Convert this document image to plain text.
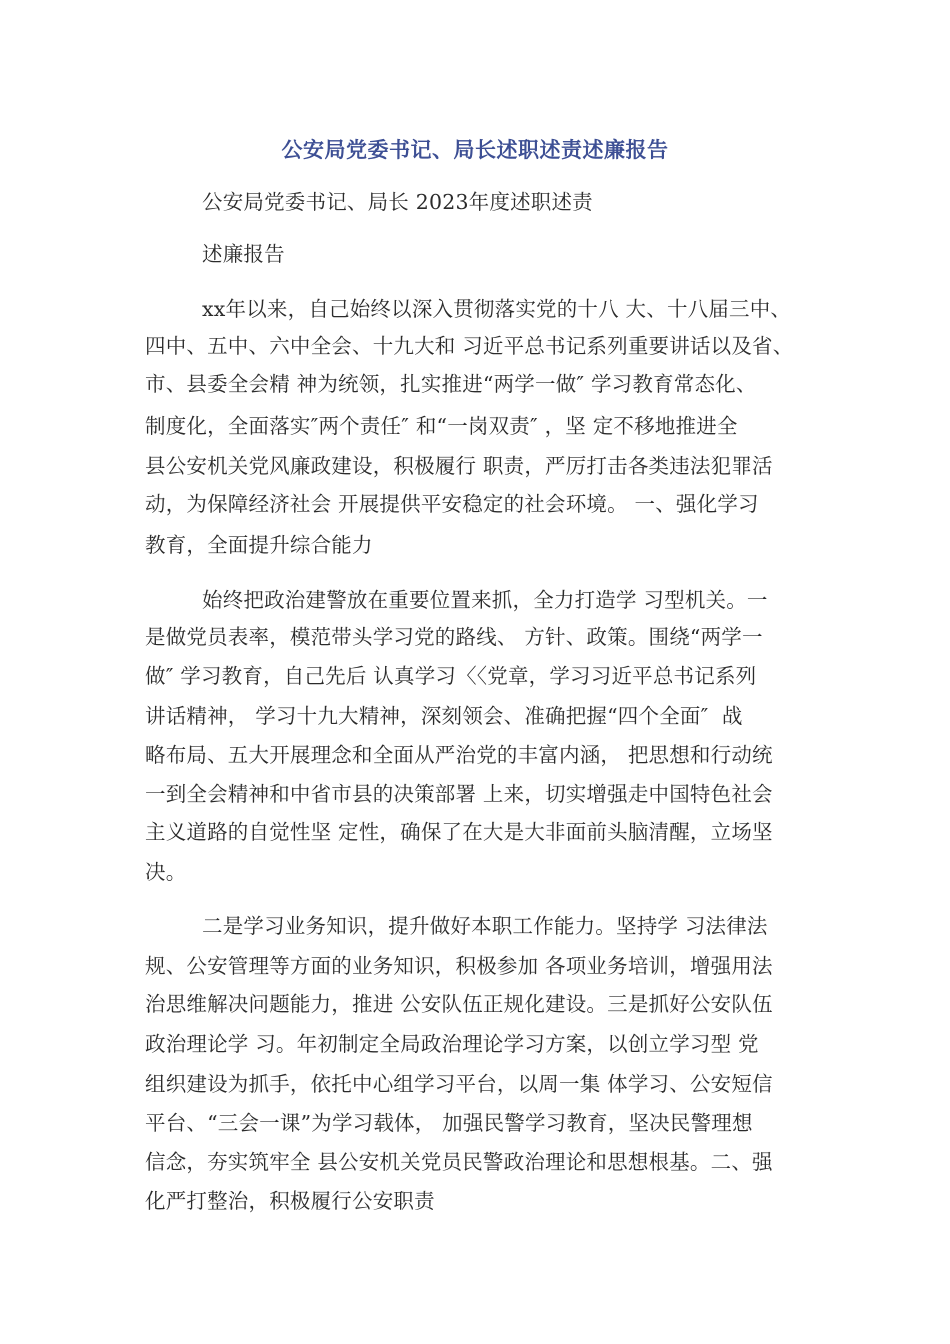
公安局党委书记、局长述职述责述廉报告

公安局党委书记、局长 2023年度述职述责

述廉报告

xx年以来，自己始终以深入贯彻落实党的十八 大、十八届三中、

四中、五中、六中全会、十九大和 习近平总书记系列重要讲话以及省、

市、县委全会精 神为统领，扎实推进“两学一做″ 学习教育常态化、

制度化，全面落实″两个责任″ 和“一岗双责″ ，坚 定不移地推进全

县公安机关党风廉政建设，积极履行 职责，严厉打击各类违法犯罪活

动，为保障经济社会 开展提供平安稳定的社会环境。 一、强化学习

教育，全面提升综合能力

始终把政治建警放在重要位置来抓，全力打造学 习型机关。一

是做党员表率，模范带头学习党的路线、 方针、政策。围绕“两学一

做″ 学习教育，自己先后 认真学习〈〈党章，学习习近平总书记系列

讲话精神， 学习十九大精神，深刻领会、准确把握“四个全面″  战

略布局、五大开展理念和全面从严治党的丰富内涵， 把思想和行动统

一到全会精神和中省市县的决策部署 上来，切实增强走中国特色社会

主义道路的自觉性坚 定性，确保了在大是大非面前头脑清醒，立场坚

决。

二是学习业务知识，提升做好本职工作能力。坚持学 习法律法

规、公安管理等方面的业务知识，积极参加 各项业务培训，增强用法

治思维解决问题能力，推进 公安队伍正规化建设。三是抓好公安队伍

政治理论学 习。年初制定全局政治理论学习方案，以创立学习型 党

组织建设为抓手，依托中心组学习平台，以周一集 体学习、公安短信

平台、“三会一课”为学习载体， 加强民警学习教育，坚决民警理想

信念，夯实筑牢全 县公安机关党员民警政治理论和思想根基。二、强

化严打整治，积极履行公安职责
